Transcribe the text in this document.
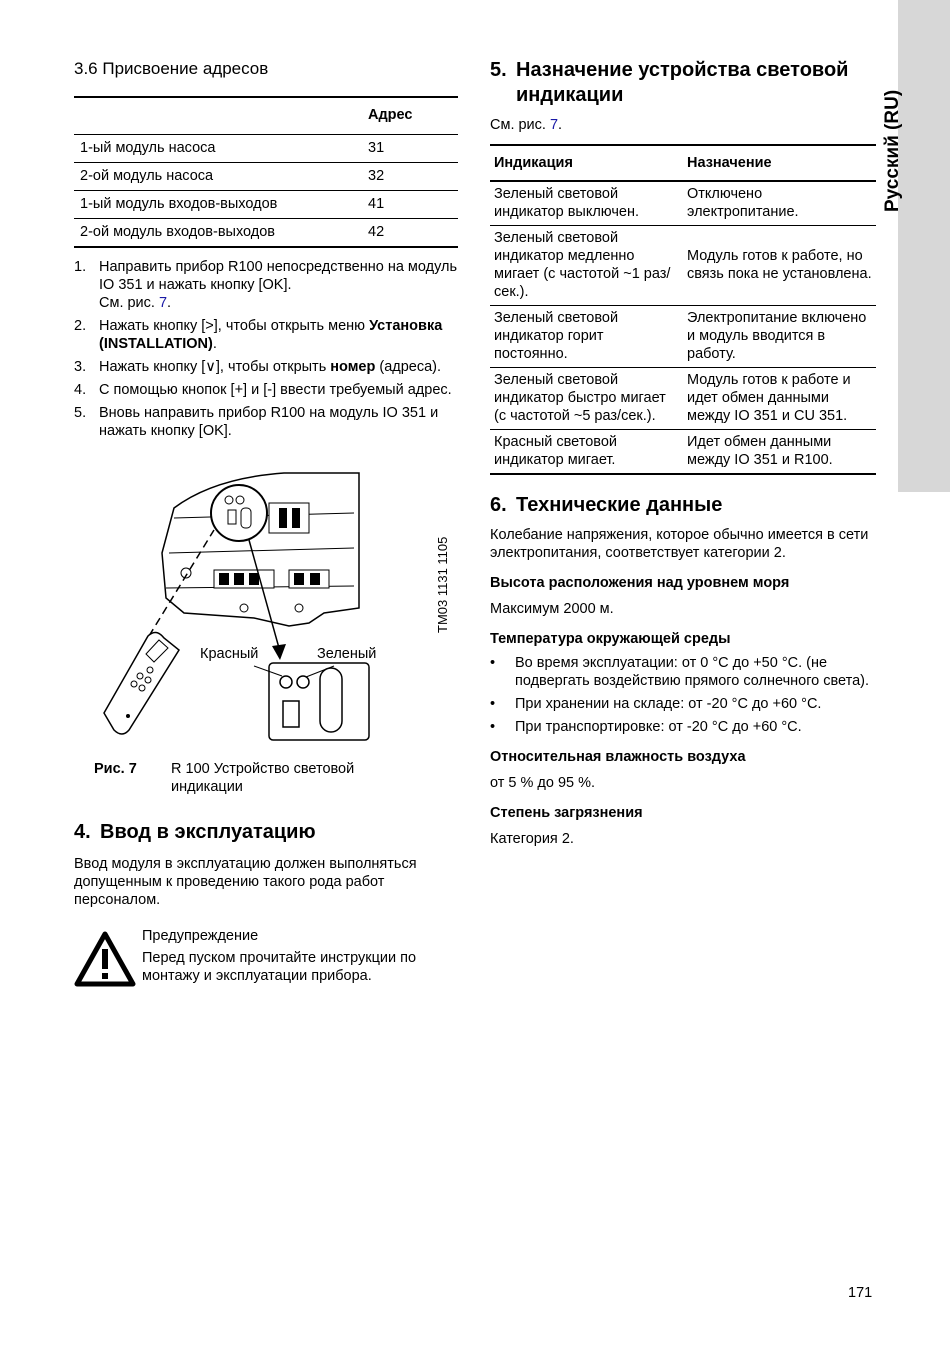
Русский (RU)
3.6 Присвоение адресов
	Адрес
1-ый модуль насоса	31
2-ой модуль насоса	32
1-ый модуль входов-выходов	41
2-ой модуль входов-выходов	42
1. Направить прибор R100 непосредственно на модуль IO 351 и нажать кнопку [OK].
См. рис. 7.
2. Нажать кнопку [>], чтобы открыть меню Установка (INSTALLATION).
3. Нажать кнопку [∨], чтобы открыть номер (адреса).
4. С помощью кнопок [+] и [-] ввести требуемый адрес.
5. Вновь направить прибор R100 на модуль IO 351 и нажать кнопку [OK].
Красный	Зеленый
TM03 1131 1105
Рис. 7	R 100 Устройство световой индикации
4. Ввод в эксплуатацию

Ввод модуля в эксплуатацию должен выполняться допущенным к проведению такого рода работ персоналом.

Предупреждение

Перед пуском прочитайте инструкции по монтажу и эксплуатации прибора.

5. Назначение устройства световой
индикации
См. рис. 7.
Индикация	Назначение
Зеленый световой индикатор выключен.	Отключено электропитание.
Зеленый световой индикатор медленно мигает (с частотой ~1 раз/сек.).	Модуль готов к работе, но связь пока не установлена.
Зеленый световой индикатор горит постоянно.	Электропитание включено и модуль вводится в работу.
Зеленый световой индикатор быстро мигает (с частотой ~5 раз/сек.).	Модуль готов к работе и идет обмен данными между IO 351 и CU 351.
Красный световой индикатор мигает.	Идет обмен данными между IO 351 и R100.
6. Технические данные

Колебание напряжения, которое обычно имеется в сети электропитания, соответствует категории 2.

Высота расположения над уровнем моря

Максимум 2000 м.

Температура окружающей среды

• Во время эксплуатации: от 0 °C до +50 °C. (не подвергать воздействию прямого солнечного света).
• При хранении на складе: от -20 °C до +60 °C.
• При транспортировке: от -20 °C до +60 °C.

Относительная влажность воздуха

от 5 % до 95 %.

Степень загрязнения

Категория 2.

171
